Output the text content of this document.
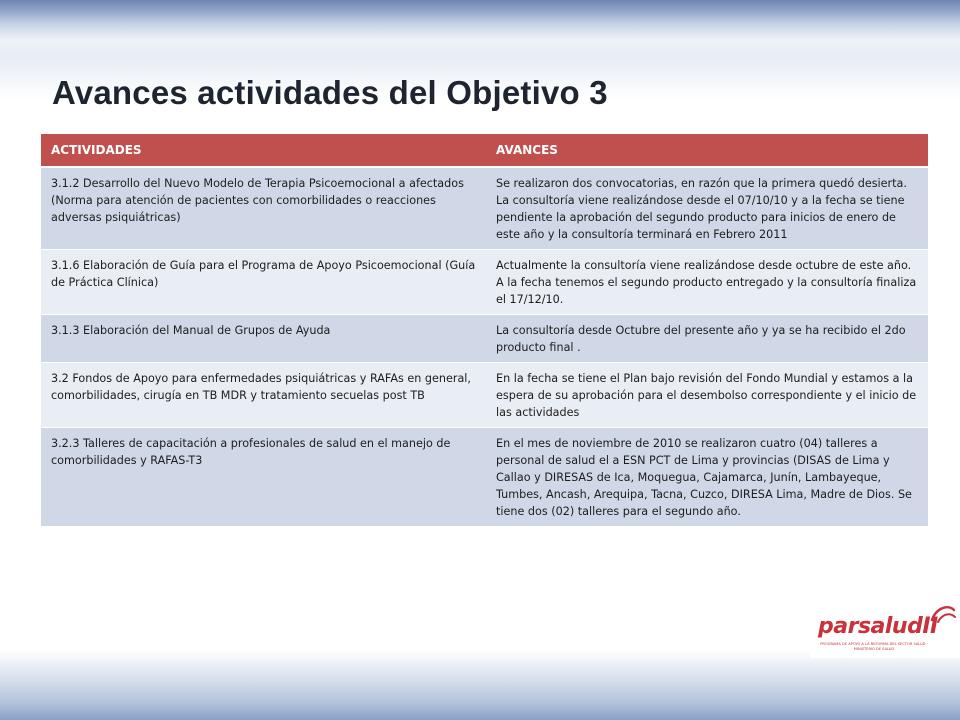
Avances actividades del Objetivo 3
ACTIVIDADES	AVANCES
3.1.2 Desarrollo del Nuevo Modelo de Terapia Psicoemocional a afectados (Norma para atención de pacientes con comorbilidades o reacciones adversas psiquiátricas)	Se realizaron dos convocatorias, en razón que la primera quedó desierta. La consultoría viene realizándose desde el 07/10/10 y a la fecha se tiene pendiente la aprobación del segundo producto para inicios de enero de este año y la consultoría terminará en Febrero 2011
3.1.6 Elaboración de Guía para el Programa de Apoyo Psicoemocional (Guía de Práctica Clínica)	Actualmente la consultoría viene realizándose desde octubre de este año. A la fecha tenemos el segundo producto entregado y la consultoría finaliza el 17/12/10.
3.1.3 Elaboración del Manual de Grupos de Ayuda	La consultoría desde Octubre del presente año y ya se ha recibido el 2do producto final .
3.2 Fondos de Apoyo para enfermedades psiquiátricas y RAFAs en general, comorbilidades, cirugía en TB MDR y tratamiento secuelas post TB	En la fecha se tiene el Plan bajo revisión del Fondo Mundial y estamos a la espera de su aprobación para el desembolso correspondiente y el inicio de las actividades
3.2.3 Talleres de capacitación a profesionales de salud en el manejo de comorbilidades y RAFAS-T3	En el mes de noviembre de 2010 se realizaron cuatro (04) talleres a personal de salud el a ESN PCT de Lima y provincias (DISAS de Lima y Callao y DIRESAS de Ica, Moquegua, Cajamarca, Junín, Lambayeque, Tumbes, Ancash, Arequipa, Tacna, Cuzco, DIRESA Lima, Madre de Dios. Se tiene dos (02) talleres para el segundo año.
parsaludII
PROGRAMA DE APOYO A LA REFORMA DEL SECTOR SALUD · MINISTERIO DE SALUD
